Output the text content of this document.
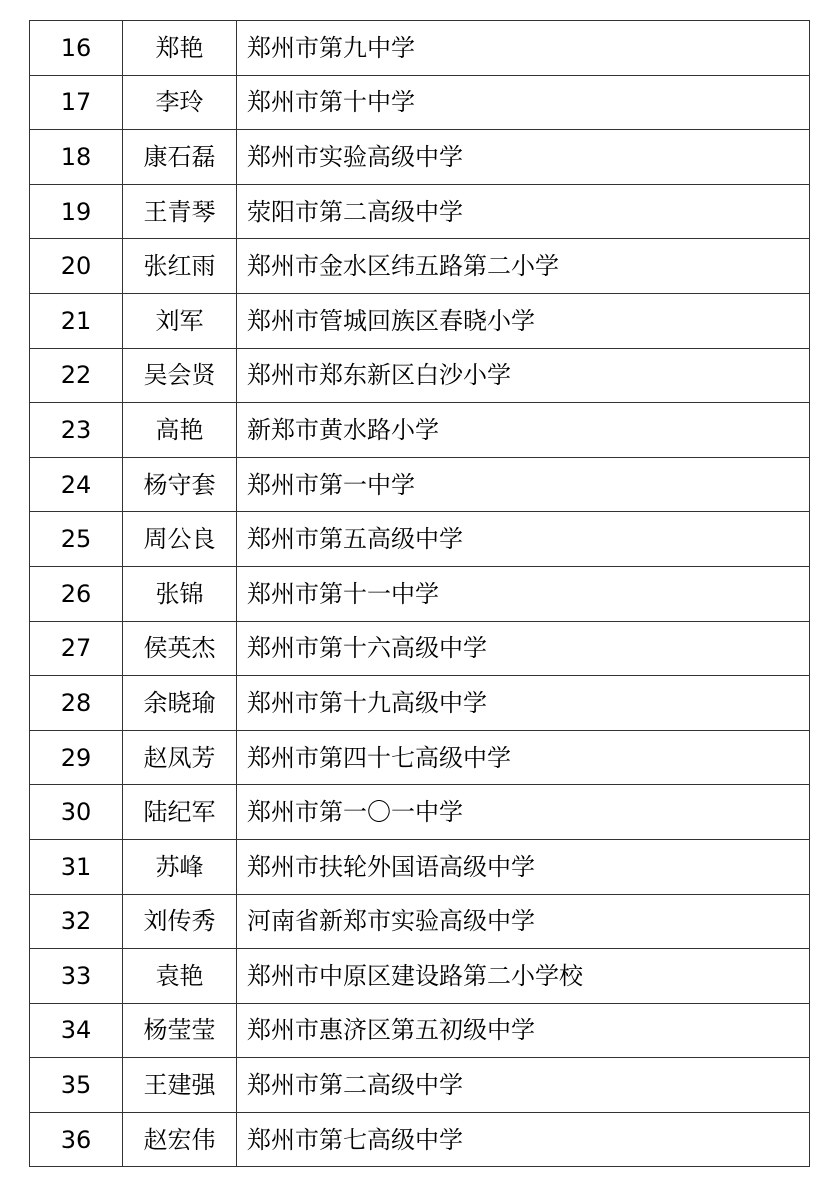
16	郑艳	郑州市第九中学
17	李玲	郑州市第十中学
18	康石磊	郑州市实验高级中学
19	王青琴	荥阳市第二高级中学
20	张红雨	郑州市金水区纬五路第二小学
21	刘军	郑州市管城回族区春晓小学
22	吴会贤	郑州市郑东新区白沙小学
23	高艳	新郑市黄水路小学
24	杨守套	郑州市第一中学
25	周公良	郑州市第五高级中学
26	张锦	郑州市第十一中学
27	侯英杰	郑州市第十六高级中学
28	余晓瑜	郑州市第十九高级中学
29	赵凤芳	郑州市第四十七高级中学
30	陆纪军	郑州市第一〇一中学
31	苏峰	郑州市扶轮外国语高级中学
32	刘传秀	河南省新郑市实验高级中学
33	袁艳	郑州市中原区建设路第二小学校
34	杨莹莹	郑州市惠济区第五初级中学
35	王建强	郑州市第二高级中学
36	赵宏伟	郑州市第七高级中学
